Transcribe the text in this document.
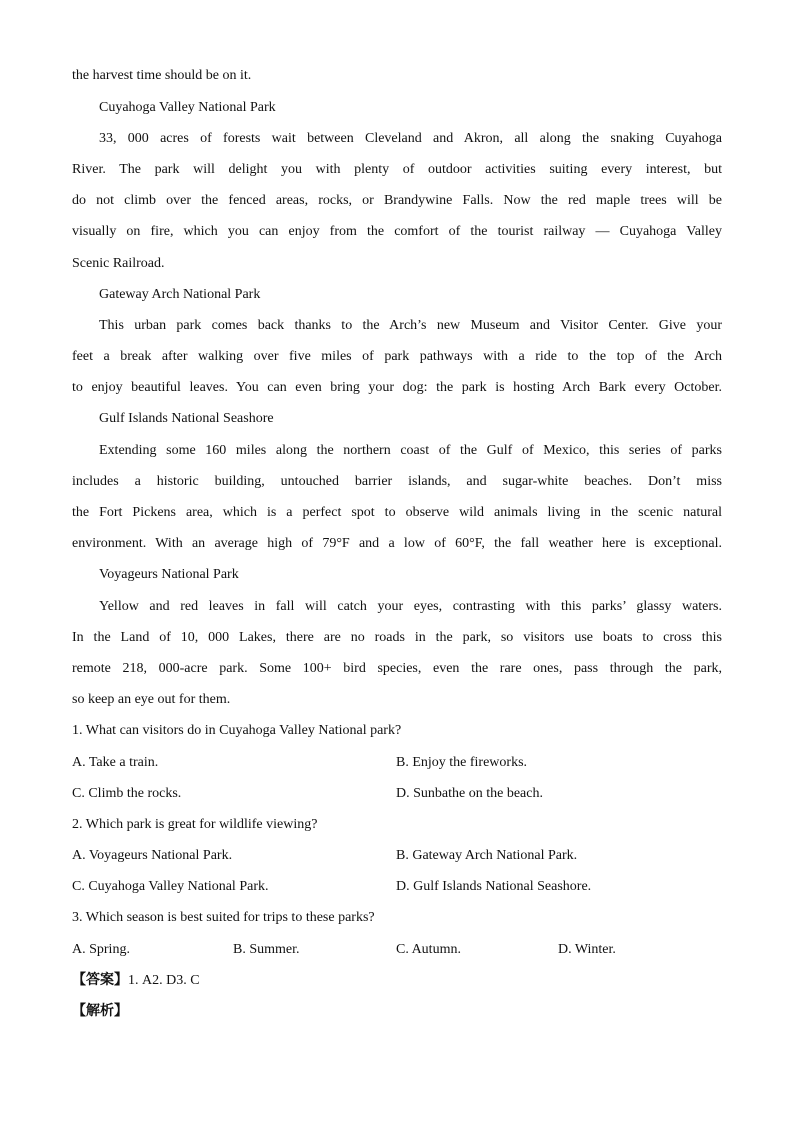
the harvest time should be on it.
Cuyahoga Valley National Park
33, 000 acres of forests wait between Cleveland and Akron, all along the snaking Cuyahoga
River. The park will delight you with plenty of outdoor activities suiting every interest, but
do not climb over the fenced areas, rocks, or Brandywine Falls. Now the red maple trees will be
visually on fire, which you can enjoy from the comfort of the tourist railway — Cuyahoga Valley
Scenic Railroad.
Gateway Arch National Park
This urban park comes back thanks to the Arch’s new Museum and Visitor Center. Give your
feet a break after walking over five miles of park pathways with a ride to the top of the Arch
to enjoy beautiful leaves. You can even bring your dog: the park is hosting Arch Bark every October.
Gulf Islands National Seashore
Extending some 160 miles along the northern coast of the Gulf of Mexico, this series of parks
includes a historic building, untouched barrier islands, and sugar-white beaches. Don’t miss
the Fort Pickens area, which is a perfect spot to observe wild animals living in the scenic natural
environment. With an average high of 79°F and a low of 60°F, the fall weather here is exceptional.
Voyageurs National Park
Yellow and red leaves in fall will catch your eyes, contrasting with this parks’ glassy waters.
In the Land of 10, 000 Lakes, there are no roads in the park, so visitors use boats to cross this
remote 218, 000-acre park. Some 100+ bird species, even the rare ones, pass through the park,
so keep an eye out for them.
1. What can visitors do in Cuyahoga Valley National park?
A. Take a train.	B. Enjoy the fireworks.
C. Climb the rocks.	D. Sunbathe on the beach.
2. Which park is great for wildlife viewing?
A. Voyageurs National Park.	B. Gateway Arch National Park.
C. Cuyahoga Valley National Park.	D. Gulf Islands National Seashore.
3. Which season is best suited for trips to these parks?
A. Spring.	B. Summer.	C. Autumn.	D. Winter.
【答案】1. A2. D3. C
【解析】
